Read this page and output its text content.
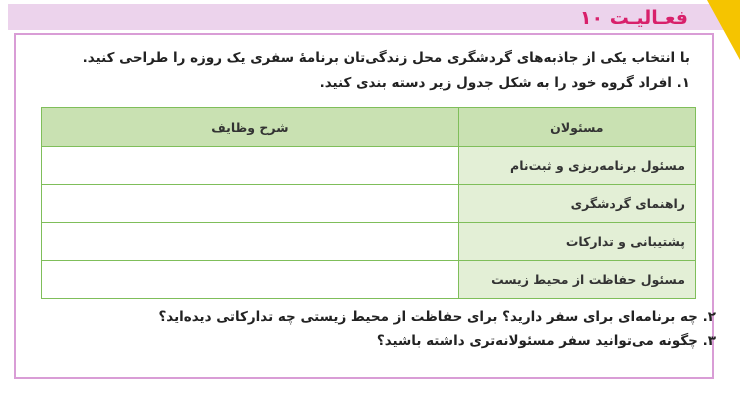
فعـالیـت ۱۰
با انتخاب یکی از جاذبه‌های گردشگری محل زندگی‌تان برنامهٔ سفری یک روزه را طراحی کنید.
۱. افراد گروه خود را به شکل جدول زیر دسته بندی کنید.
مسئولان	شرح وظایف
مسئول برنامه‌ریزی و ثبت‌نام	
راهنمای گردشگری	
پشتیبانی و تدارکات	
مسئول حفاظت از محیط زیست	
۲. چه برنامه‌ای برای سفر دارید؟ برای حفاظت از محیط زیستی چه تدارکاتی دیده‌اید؟
۳. چگونه می‌توانید سفر مسئولانه‌تری داشته باشید؟
